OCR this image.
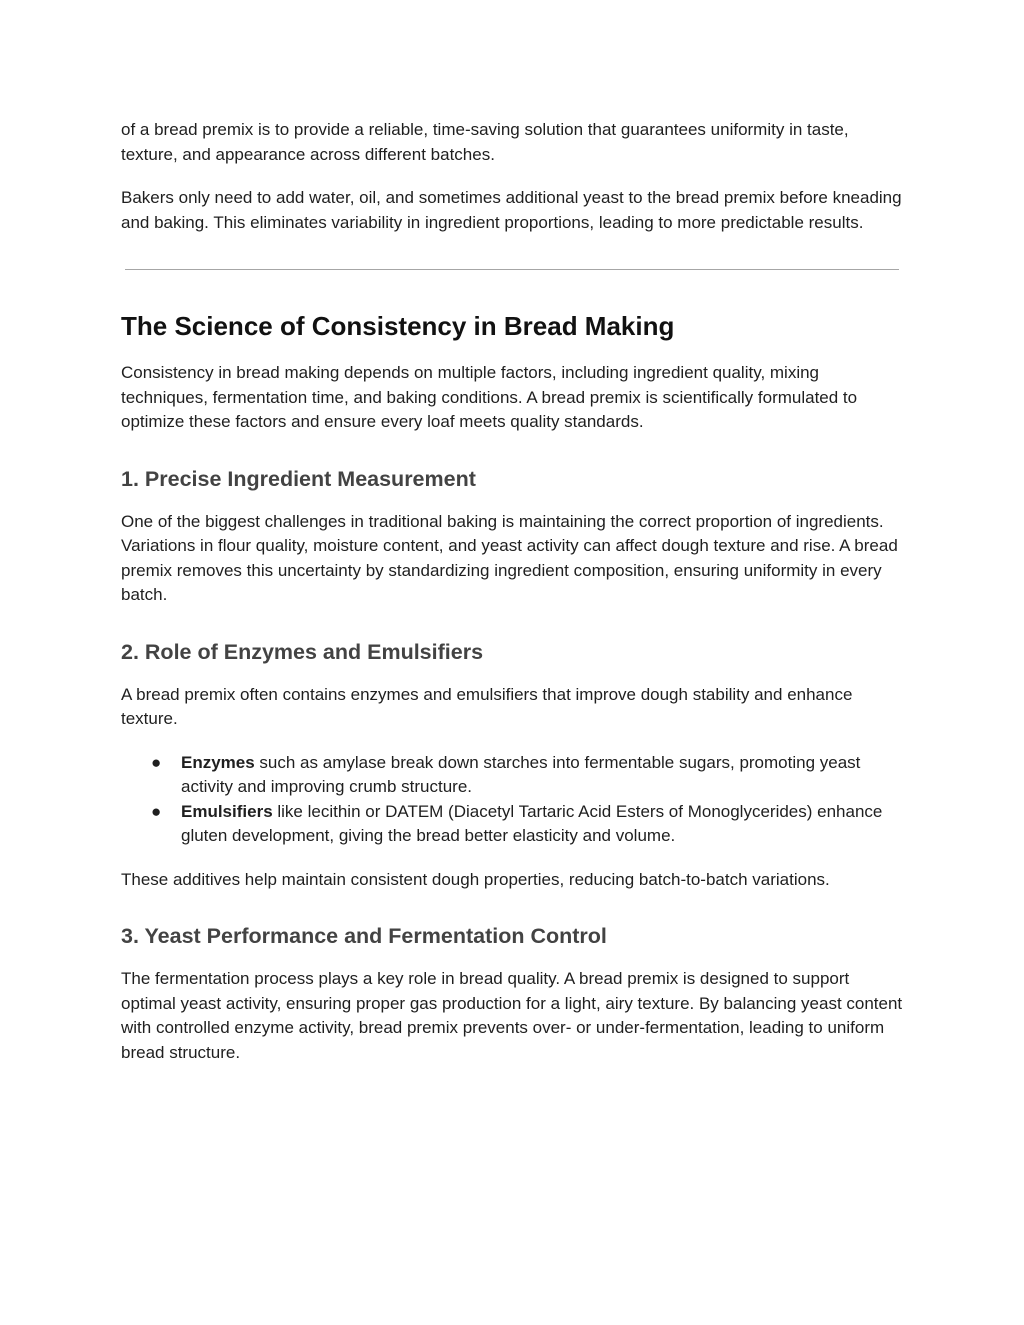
of a bread premix is to provide a reliable, time-saving solution that guarantees uniformity in taste, texture, and appearance across different batches.

Bakers only need to add water, oil, and sometimes additional yeast to the bread premix before kneading and baking. This eliminates variability in ingredient proportions, leading to more predictable results.

The Science of Consistency in Bread Making

Consistency in bread making depends on multiple factors, including ingredient quality, mixing techniques, fermentation time, and baking conditions. A bread premix is scientifically formulated to optimize these factors and ensure every loaf meets quality standards.

1. Precise Ingredient Measurement

One of the biggest challenges in traditional baking is maintaining the correct proportion of ingredients. Variations in flour quality, moisture content, and yeast activity can affect dough texture and rise. A bread premix removes this uncertainty by standardizing ingredient composition, ensuring uniformity in every batch.

2. Role of Enzymes and Emulsifiers

A bread premix often contains enzymes and emulsifiers that improve dough stability and enhance texture.

● Enzymes such as amylase break down starches into fermentable sugars, promoting yeast activity and improving crumb structure.
● Emulsifiers like lecithin or DATEM (Diacetyl Tartaric Acid Esters of Monoglycerides) enhance gluten development, giving the bread better elasticity and volume.

These additives help maintain consistent dough properties, reducing batch-to-batch variations.

3. Yeast Performance and Fermentation Control

The fermentation process plays a key role in bread quality. A bread premix is designed to support optimal yeast activity, ensuring proper gas production for a light, airy texture. By balancing yeast content with controlled enzyme activity, bread premix prevents over- or under-fermentation, leading to uniform bread structure.
